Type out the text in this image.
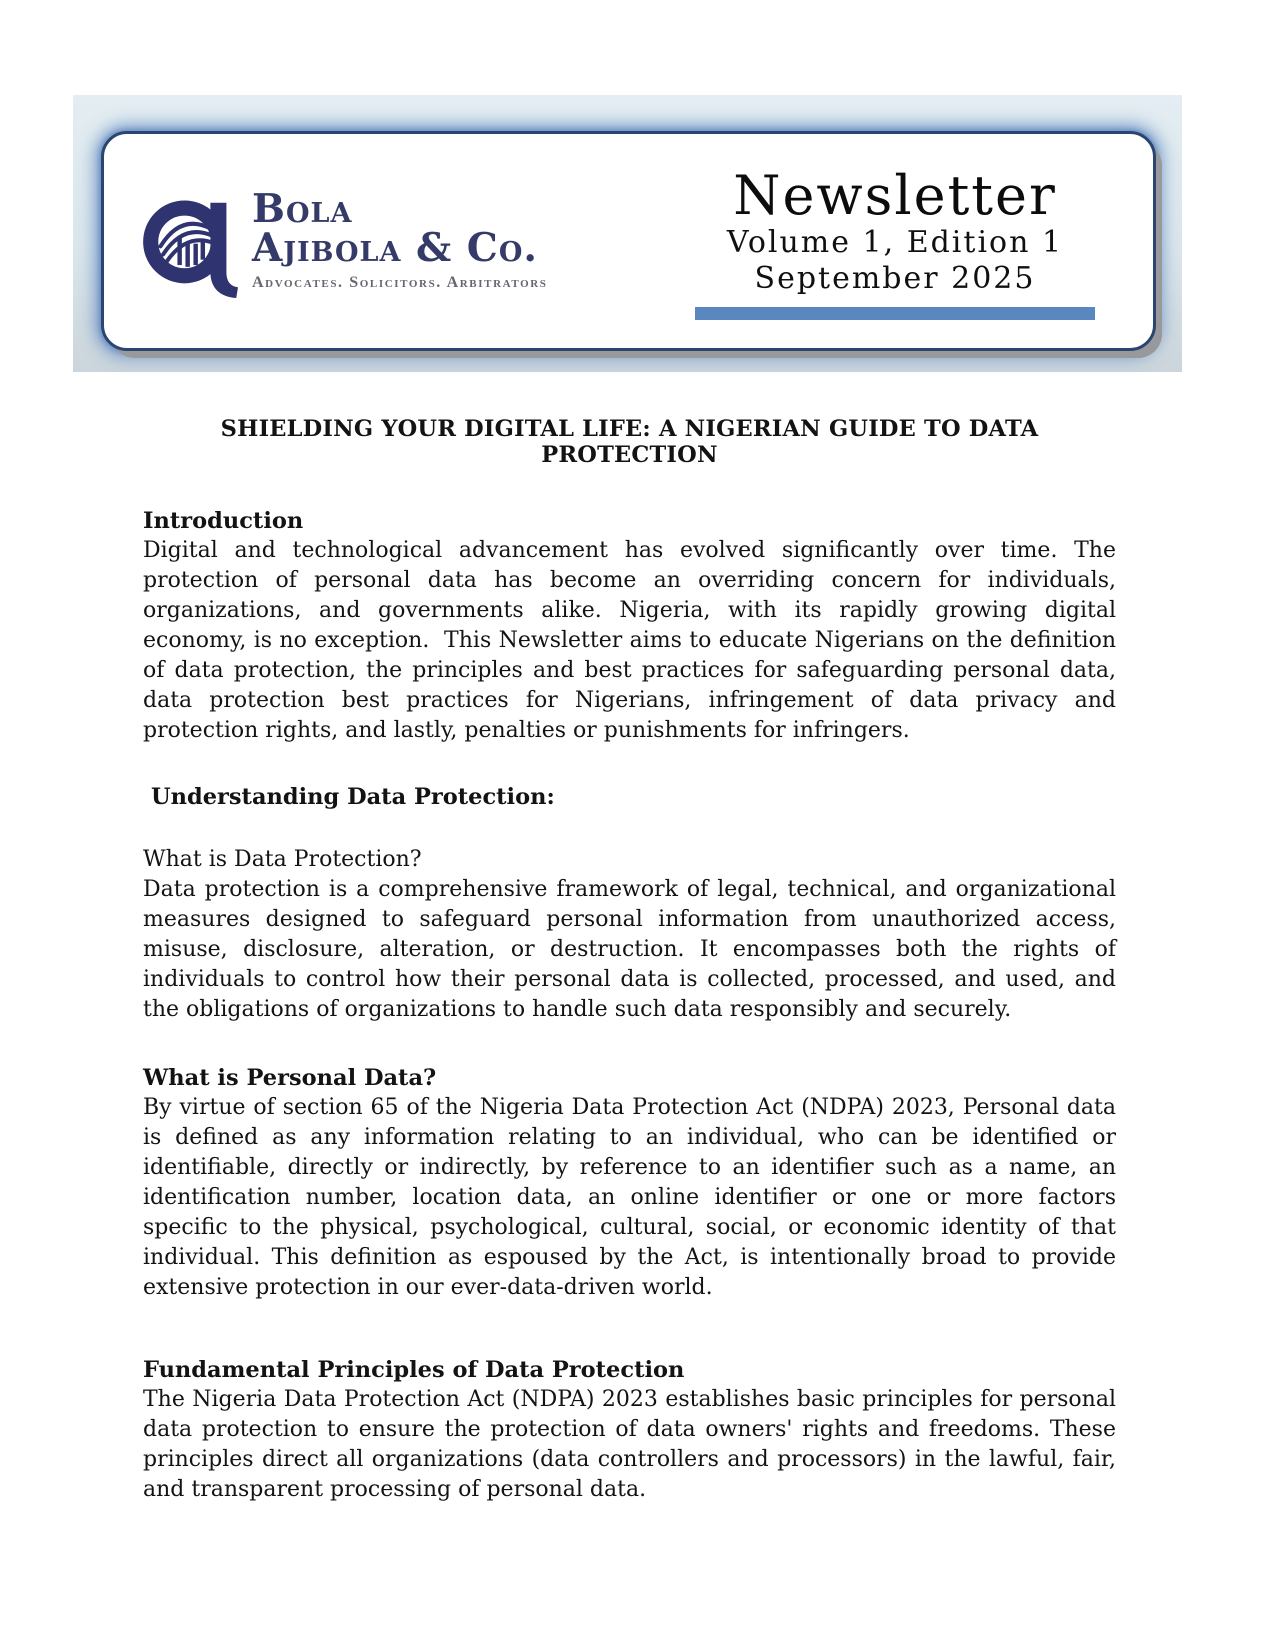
Bola
Ajibola & Co.
Advocates. Solicitors. Arbitrators
Newsletter
Volume 1, Edition 1
September 2025
SHIELDING YOUR DIGITAL LIFE: A NIGERIAN GUIDE TO DATA PROTECTION
Introduction

Digital and technological advancement has evolved significantly over time. The protection of personal data has become an overriding concern for individuals, organizations, and governments alike. Nigeria, with its rapidly growing digital economy, is no exception.  This Newsletter aims to educate Nigerians on the definition of data protection, the principles and best practices for safeguarding personal data, data protection best practices for Nigerians, infringement of data privacy and protection rights, and lastly, penalties or punishments for infringers.

Understanding Data Protection:

What is Data Protection?

Data protection is a comprehensive framework of legal, technical, and organizational measures designed to safeguard personal information from unauthorized access, misuse, disclosure, alteration, or destruction. It encompasses both the rights of individuals to control how their personal data is collected, processed, and used, and the obligations of organizations to handle such data responsibly and securely.

What is Personal Data?

By virtue of section 65 of the Nigeria Data Protection Act (NDPA) 2023, Personal data is defined as any information relating to an individual, who can be identified or identifiable, directly or indirectly, by reference to an identifier such as a name, an identification number, location data, an online identifier or one or more factors specific to the physical, psychological, cultural, social, or economic identity of that individual. This definition as espoused by the Act, is intentionally broad to provide extensive protection in our ever-data-driven world.

Fundamental Principles of Data Protection

The Nigeria Data Protection Act (NDPA) 2023 establishes basic principles for personal data protection to ensure the protection of data owners' rights and freedoms. These principles direct all organizations (data controllers and processors) in the lawful, fair, and transparent processing of personal data.
